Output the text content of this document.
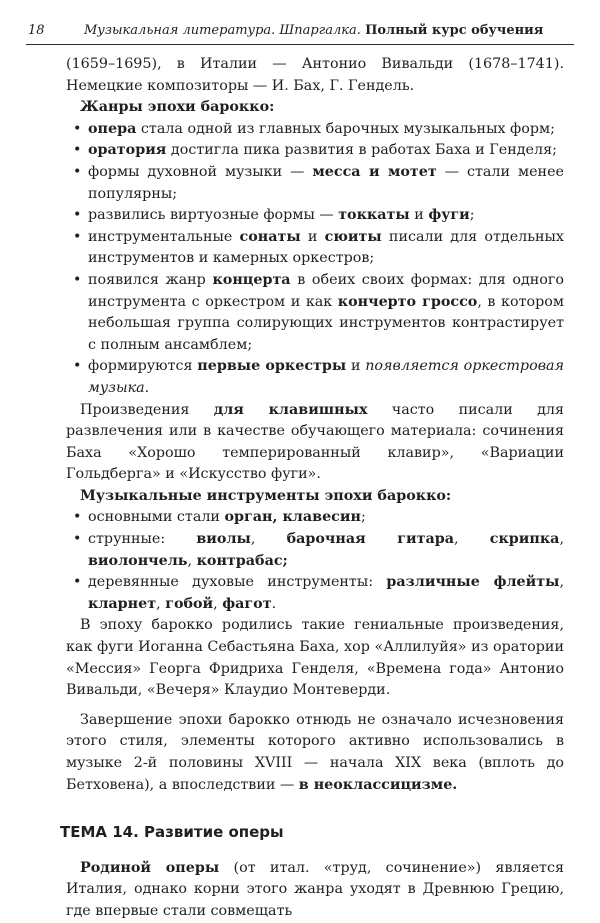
18	Музыкальная литература. Шпаргалка. Полный курс обучения

(1659–1695), в Италии — Антонио Вивальди (1678–1741). Немецкие композиторы — И. Бах, Г. Гендель.

Жанры эпохи барокко:

• опера стала одной из главных барочных музыкальных форм;
• оратория достигла пика развития в работах Баха и Генделя;
• формы духовной музыки — месса и мотет — стали менее популярны;
• развились виртуозные формы — токкаты и фуги;
• инструментальные сонаты и сюиты писали для отдельных инструментов и камерных оркестров;
• появился жанр концерта в обеих своих формах: для одного инструмента с оркестром и как кончерто гроссо, в котором небольшая группа солирующих инструментов контрастирует с полным ансамблем;
• формируются первые оркестры и появляется оркестровая музыка.

Произведения для клавишных часто писали для развлечения или в качестве обучающего материала: сочинения Баха «Хорошо темперированный клавир», «Вариации Гольдберга» и «Искусство фуги».

Музыкальные инструменты эпохи барокко:

• основными стали орган, клавесин;
• струнные: виолы, барочная гитара, скрипка, виолончель, контрабас;
• деревянные духовые инструменты: различные флейты, кларнет, гобой, фагот.

В эпоху барокко родились такие гениальные произведения, как фуги Иоганна Себастьяна Баха, хор «Аллилуйя» из оратории «Мессия» Георга Фридриха Генделя, «Времена года» Антонио Вивальди, «Вечеря» Клаудио Монтеверди.

Завершение эпохи барокко отнюдь не означало исчезновения этого стиля, элементы которого активно использовались в музыке 2-й половины XVIII — начала XIX века (вплоть до Бетховена), а впоследствии — в неоклассицизме.

ТЕМА 14. Развитие оперы

Родиной оперы (от итал. «труд, сочинение») является Италия, однако корни этого жанра уходят в Древнюю Грецию, где впервые стали совмещать
